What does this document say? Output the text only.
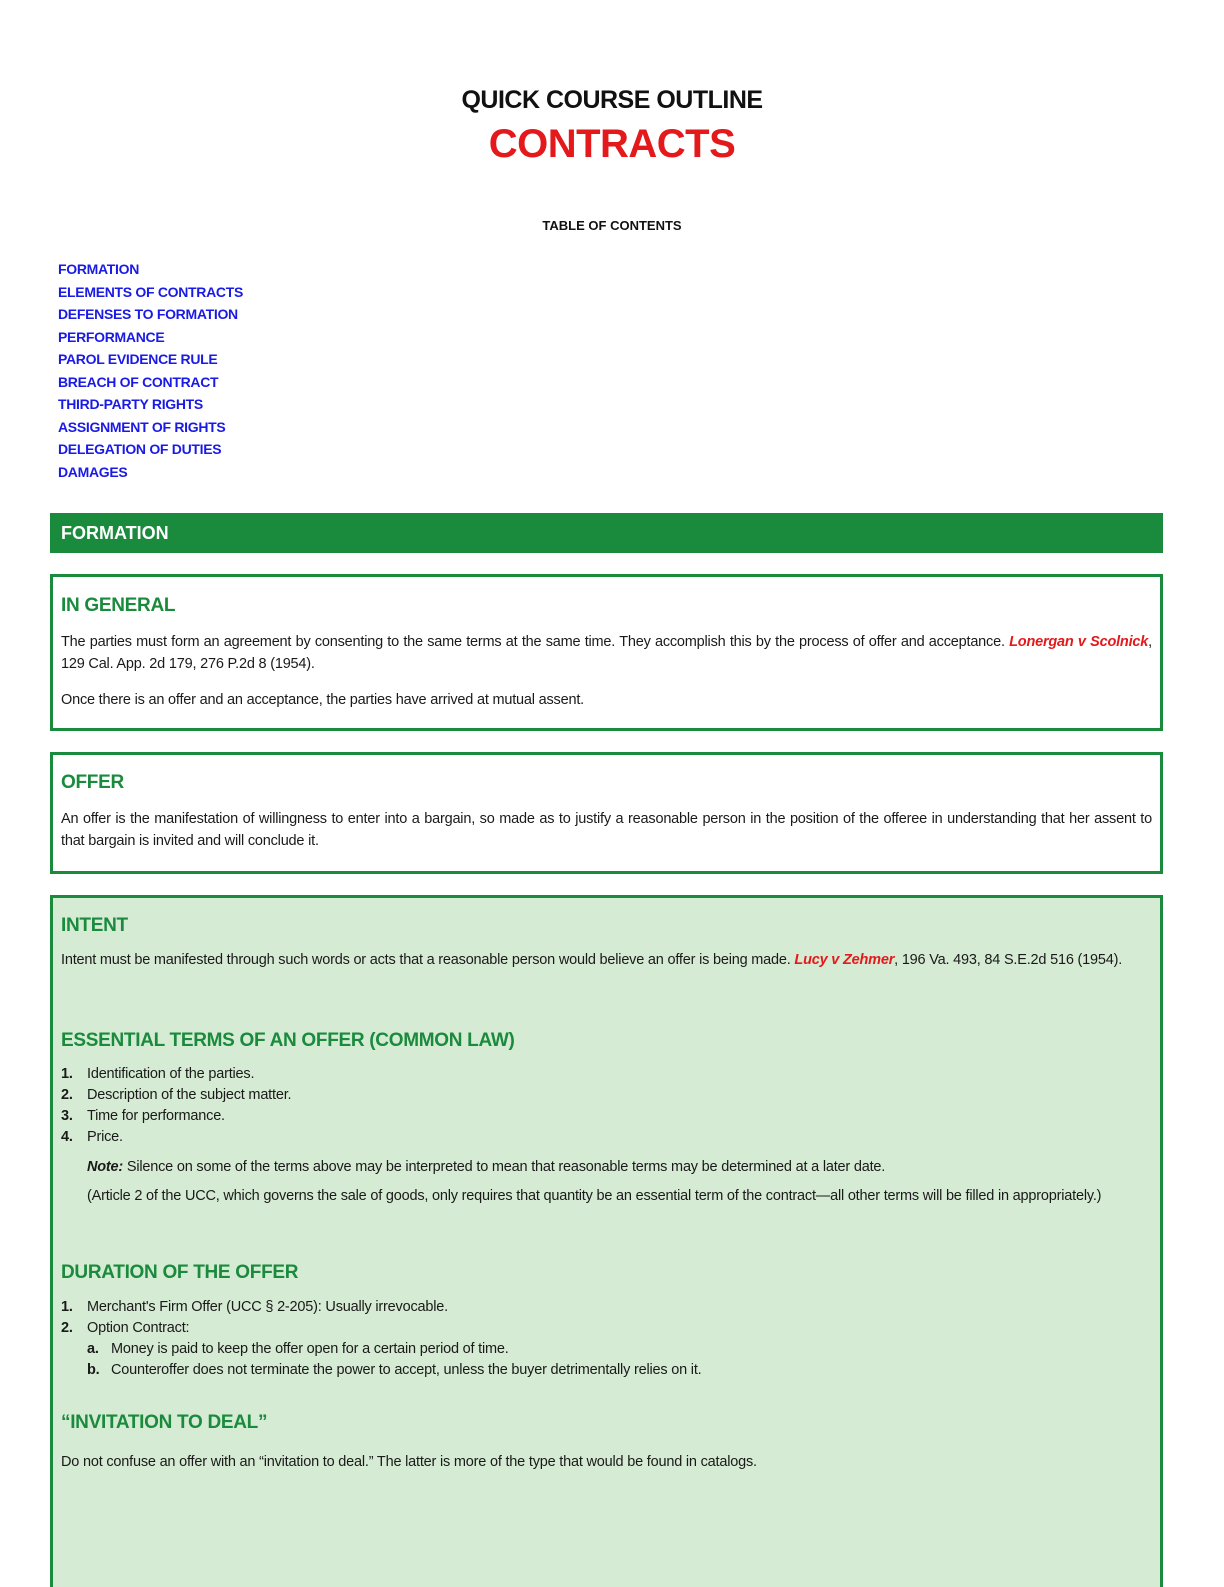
QUICK COURSE OUTLINE
CONTRACTS
TABLE OF CONTENTS
FORMATION
ELEMENTS OF CONTRACTS
DEFENSES TO FORMATION
PERFORMANCE
PAROL EVIDENCE RULE
BREACH OF CONTRACT
THIRD-PARTY RIGHTS
ASSIGNMENT OF RIGHTS
DELEGATION OF DUTIES
DAMAGES
FORMATION
IN GENERAL

The parties must form an agreement by consenting to the same terms at the same time. They accomplish this by the process of offer and acceptance. Lonergan v Scolnick, 129 Cal. App. 2d 179, 276 P.2d 8 (1954).

Once there is an offer and an acceptance, the parties have arrived at mutual assent.

OFFER

An offer is the manifestation of willingness to enter into a bargain, so made as to justify a reasonable person in the position of the offeree in understanding that her assent to that bargain is invited and will conclude it.

INTENT

Intent must be manifested through such words or acts that a reasonable person would believe an offer is being made. Lucy v Zehmer, 196 Va. 493, 84 S.E.2d 516 (1954).

ESSENTIAL TERMS OF AN OFFER (COMMON LAW)
1. Identification of the parties.
2. Description of the subject matter.
3. Time for performance.
4. Price.

Note: Silence on some of the terms above may be interpreted to mean that reasonable terms may be determined at a later date.

(Article 2 of the UCC, which governs the sale of goods, only requires that quantity be an essential term of the contract—all other terms will be filled in appropriately.)

DURATION OF THE OFFER
1. Merchant's Firm Offer (UCC § 2-205): Usually irrevocable.
2. Option Contract:
a. Money is paid to keep the offer open for a certain period of time.
b. Counteroffer does not terminate the power to accept, unless the buyer detrimentally relies on it.
“INVITATION TO DEAL”

Do not confuse an offer with an “invitation to deal.” The latter is more of the type that would be found in catalogs.
